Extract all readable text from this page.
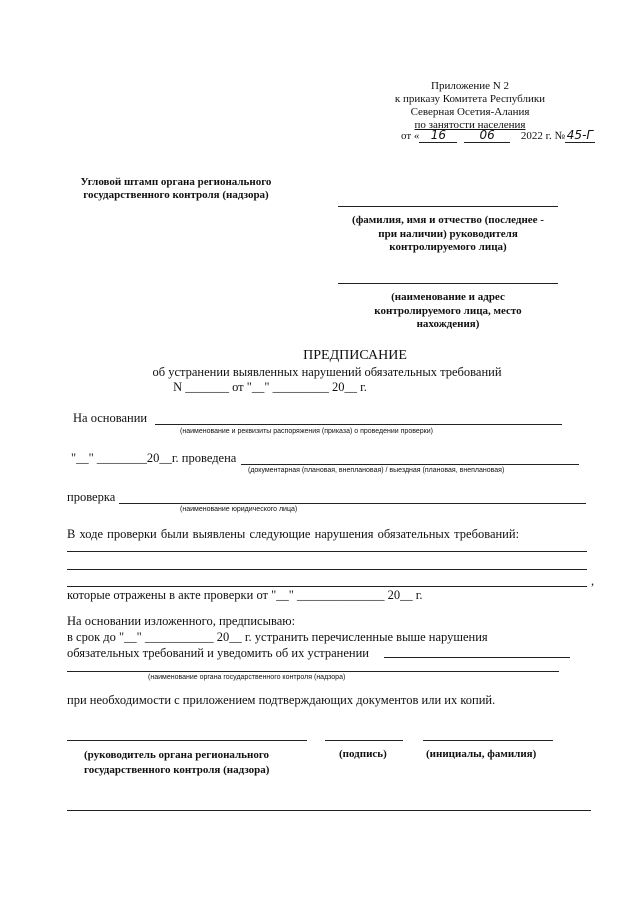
Приложение N 2
к приказу Комитета Республики
Северная Осетия-Алания
по занятости населения
от « 16	06 2022 г. № 45-Г
Угловой штамп органа регионального
государственного контроля (надзора)
(фамилия, имя и отчество (последнее -
при наличии) руководителя
контролируемого лица)
(наименование и адрес
контролируемого лица, место
нахождения)
ПРЕДПИСАНИЕ
об устранении выявленных нарушений обязательных требований
N _______ от "__" _________ 20__ г.
На основании
(наименование и реквизиты распоряжения (приказа) о проведении проверки)
"__" ________20__г. проведена
(документарная (плановая, внеплановая) / выездная (плановая, внеплановая)
проверка
(наименование юридического лица)
В ходе проверки были выявлены следующие нарушения обязательных требований:
,
которые отражены в акте проверки от "__" ______________ 20__ г.
На основании изложенного, предписываю:
в срок до "__" ___________ 20__ г. устранить перечисленные выше нарушения
обязательных требований и уведомить об их устранении
(наименование органа государственного контроля (надзора)
при необходимости с приложением подтверждающих документов или их копий.
(руководитель органа регионального
государственного контроля (надзора)
(подпись)	(инициалы, фамилия)
